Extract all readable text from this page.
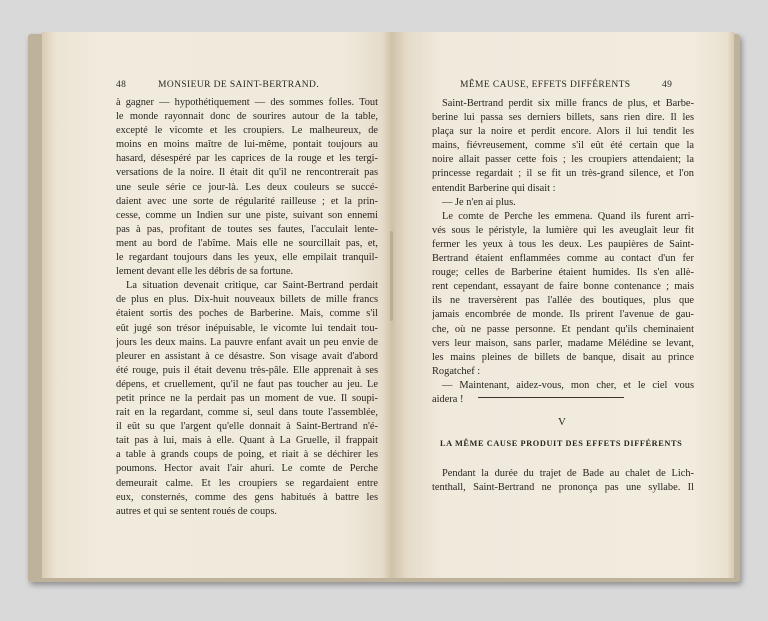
48	MONSIEUR DE SAINT-BERTRAND.	MÊME CAUSE, EFFETS DIFFÉRENTS	49
à gagner — hypothétiquement — des sommes folles. Tout
le monde rayonnait donc de sourires autour de la table,
excepté le vicomte et les croupiers. Le malheureux, de
moins en moins maître de lui-même, pontait toujours au
hasard, désespéré par les caprices de la rouge et les tergi-
versations de la noire. Il était dit qu'il ne rencontrerait pas
une seule série ce jour-là. Les deux couleurs se succé-
daient avec une sorte de régularité railleuse ; et la prin-
cesse, comme un Indien sur une piste, suivant son ennemi
pas à pas, profitant de toutes ses fautes, l'acculait lente-
ment au bord de l'abîme. Mais elle ne sourcillait pas, et,
le regardant toujours dans les yeux, elle empilait tranquil-
lement devant elle les débris de sa fortune.
La situation devenait critique, car Saint-Bertrand perdait
de plus en plus. Dix-huit nouveaux billets de mille francs
étaient sortis des poches de Barberine. Mais, comme s'il
eût jugé son trésor inépuisable, le vicomte lui tendait tou-
jours les deux mains. La pauvre enfant avait un peu envie de
pleurer en assistant à ce désastre. Son visage avait d'abord
été rouge, puis il était devenu très-pâle. Elle apprenait à ses
dépens, et cruellement, qu'il ne faut pas toucher au jeu. Le
petit prince ne la perdait pas un moment de vue. Il soupi-
rait en la regardant, comme si, seul dans toute l'assemblée,
il eût su que l'argent qu'elle donnait à Saint-Bertrand n'é-
tait pas à lui, mais à elle. Quant à La Gruelle, il frappait
a table à grands coups de poing, et riait à se déchirer les
poumons. Hector avait l'air ahuri. Le comte de Perche
demeurait calme. Et les croupiers se regardaient entre
eux, consternés, comme des gens habitués à battre les
autres et qui se sentent roués de coups.
Saint-Bertrand perdit six mille francs de plus, et Barbe-
berine lui passa ses derniers billets, sans rien dire. Il les
plaça sur la noire et perdit encore. Alors il lui tendit les
mains, fiévreusement, comme s'il eût été certain que la
noire allait passer cette fois ; les croupiers attendaient; la
princesse regardait ; il se fit un très-grand silence, et l'on
entendit Barberine qui disait :
— Je n'en ai plus.
Le comte de Perche les emmena. Quand ils furent arri-
vés sous le péristyle, la lumière qui les aveuglait leur fit
fermer les yeux à tous les deux. Les paupières de Saint-
Bertrand étaient enflammées comme au contact d'un fer
rouge; celles de Barberine étaient humides. Ils s'en allè-
rent cependant, essayant de faire bonne contenance ; mais
ils ne traversèrent pas l'allée des boutiques, plus que
jamais encombrée de monde. Ils prirent l'avenue de gau-
che, où ne passe personne. Et pendant qu'ils cheminaient
vers leur maison, sans parler, madame Mélédine se levant,
les mains pleines de billets de banque, disait au prince
Rogatchef :
— Maintenant, aidez-vous, mon cher, et le ciel vous
aidera !
V
LA MÊME CAUSE PRODUIT DES EFFETS DIFFÉRENTS
Pendant la durée du trajet de Bade au chalet de Lich-
tenthall, Saint-Bertrand ne prononça pas une syllabe. Il
